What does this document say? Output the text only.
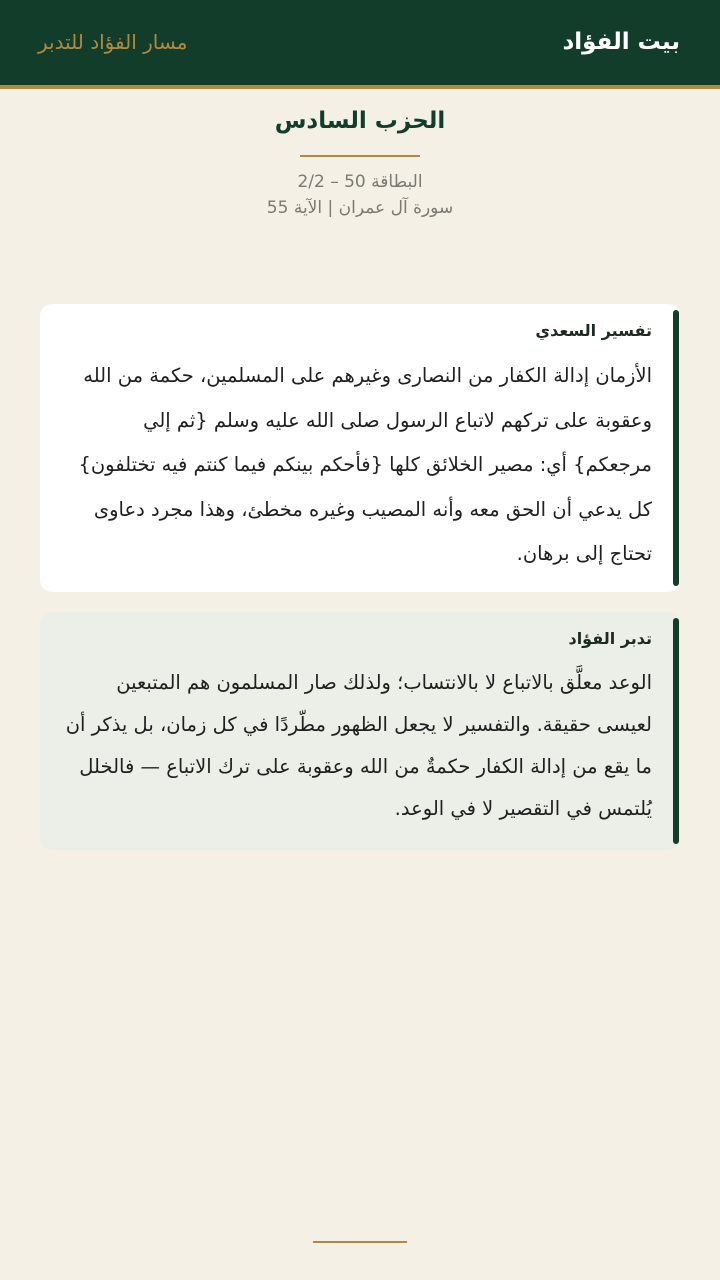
بيت الفؤاد
مسار الفؤاد للتدبر
الحزب السادس

البطاقة 50 – 2/2

سورة آل عمران | الآية 55

تفسير السعدي

الأزمان إدالة الكفار من النصارى وغيرهم على المسلمين، حكمة من الله وعقوبة على تركهم لاتباع الرسول صلى الله عليه وسلم {ثم إلي مرجعكم} أي: مصير الخلائق كلها {فأحكم بينكم فيما كنتم فيه تختلفون} كل يدعي أن الحق معه وأنه المصيب وغيره مخطئ، وهذا مجرد دعاوى تحتاج إلى برهان.

تدبر الفؤاد

الوعد معلَّق بالاتباع لا بالانتساب؛ ولذلك صار المسلمون هم المتبعين لعيسى حقيقة. والتفسير لا يجعل الظهور مطّردًا في كل زمان، بل يذكر أن ما يقع من إدالة الكفار حكمةٌ من الله وعقوبة على ترك الاتباع — فالخلل يُلتمس في التقصير لا في الوعد.
